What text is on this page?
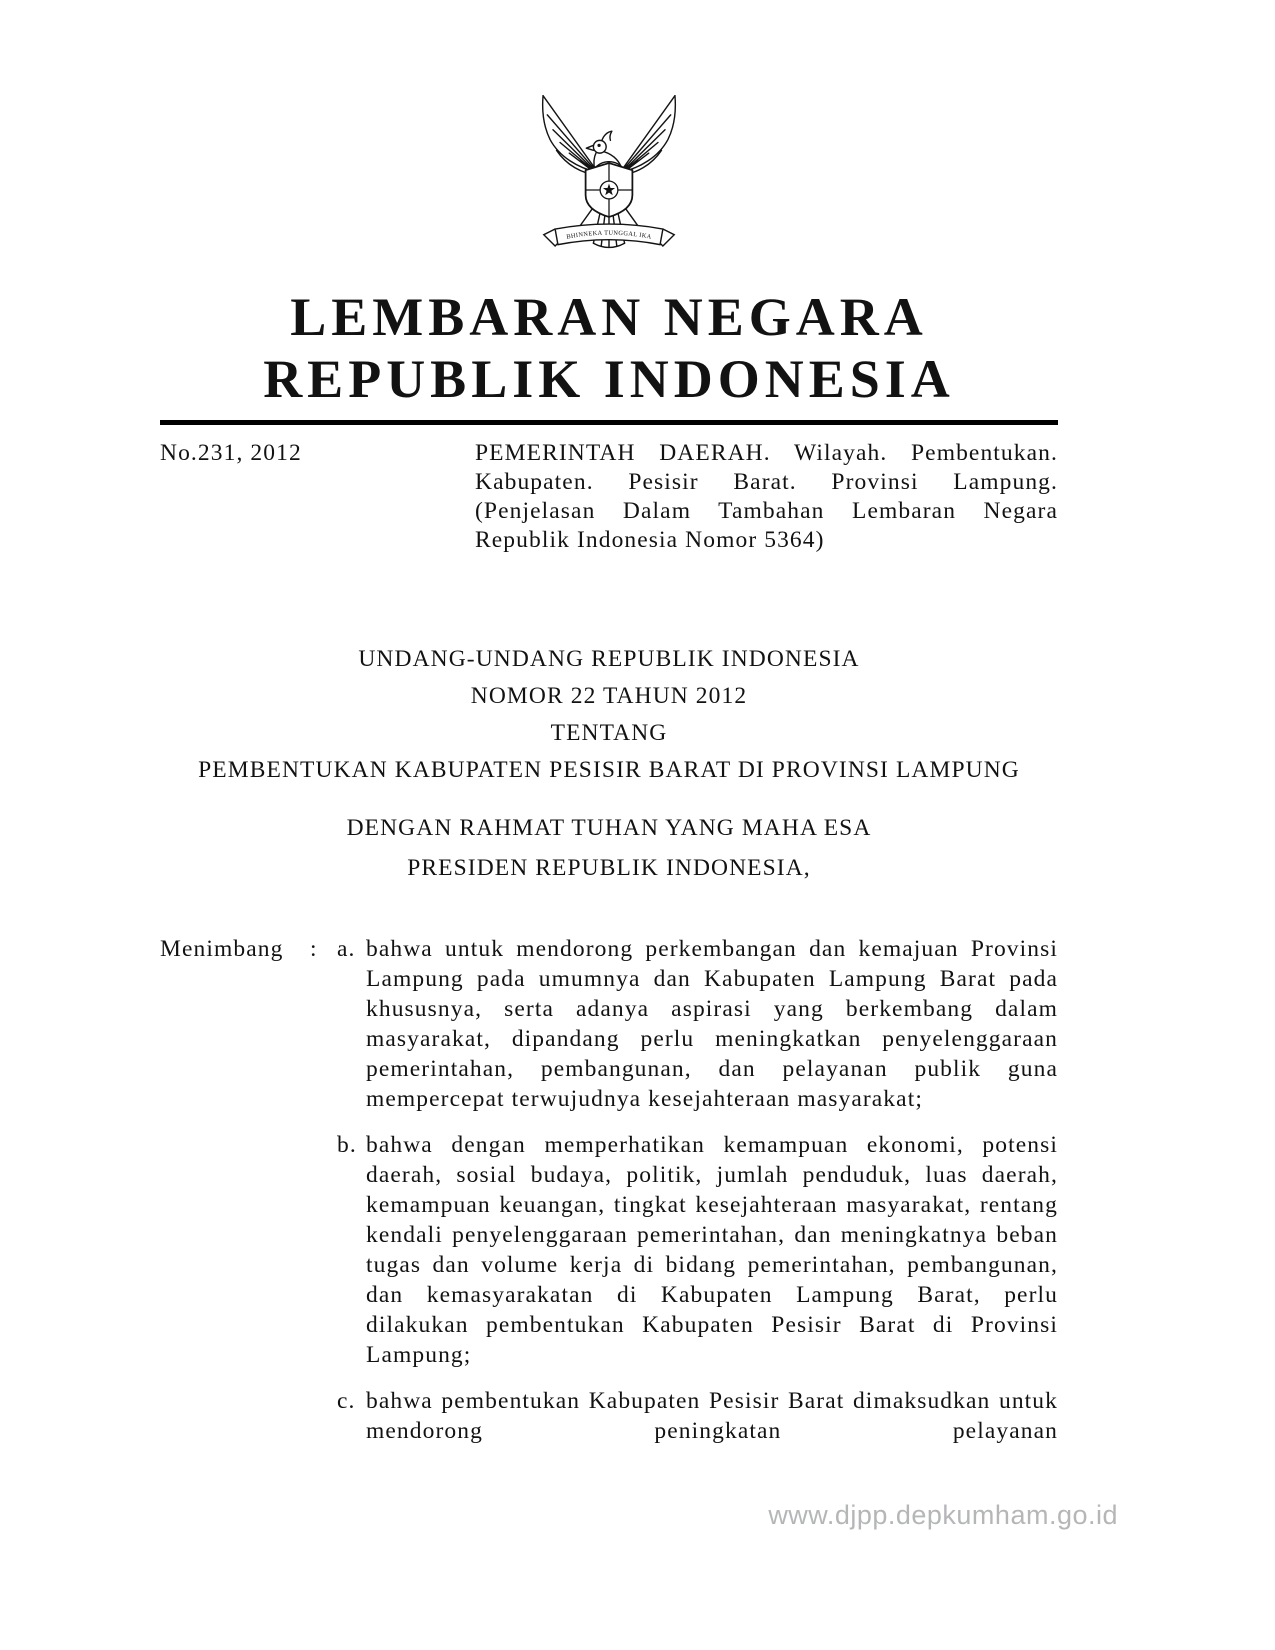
BHINNEKA TUNGGAL IKA
LEMBARAN NEGARA
REPUBLIK INDONESIA
No.231, 2012	PEMERINTAH DAERAH. Wilayah. Pembentukan. Kabupaten. Pesisir Barat. Provinsi Lampung. (Penjelasan Dalam Tambahan Lembaran Negara Republik Indonesia Nomor 5364)
UNDANG-UNDANG REPUBLIK INDONESIA
NOMOR 22 TAHUN 2012
TENTANG
PEMBENTUKAN KABUPATEN PESISIR BARAT DI PROVINSI LAMPUNG
DENGAN RAHMAT TUHAN YANG MAHA ESA
PRESIDEN REPUBLIK INDONESIA,
Menimbang	: a. bahwa untuk mendorong perkembangan dan kemajuan Provinsi Lampung pada umumnya dan Kabupaten Lampung Barat pada khususnya, serta adanya aspirasi yang berkembang dalam masyarakat, dipandang perlu meningkatkan penyelenggaraan pemerintahan, pembangunan, dan pelayanan publik guna mempercepat terwujudnya kesejahteraan masyarakat;
b. bahwa dengan memperhatikan kemampuan ekonomi, potensi daerah, sosial budaya, politik, jumlah penduduk, luas daerah, kemampuan keuangan, tingkat kesejahteraan masyarakat, rentang kendali penyelenggaraan pemerintahan, dan meningkatnya beban tugas dan volume kerja di bidang pemerintahan, pembangunan, dan kemasyarakatan di Kabupaten Lampung Barat, perlu dilakukan pembentukan Kabupaten Pesisir Barat di Provinsi Lampung;
c. bahwa pembentukan Kabupaten Pesisir Barat dimaksudkan untuk mendorong peningkatan pelayanan
www.djpp.depkumham.go.id
